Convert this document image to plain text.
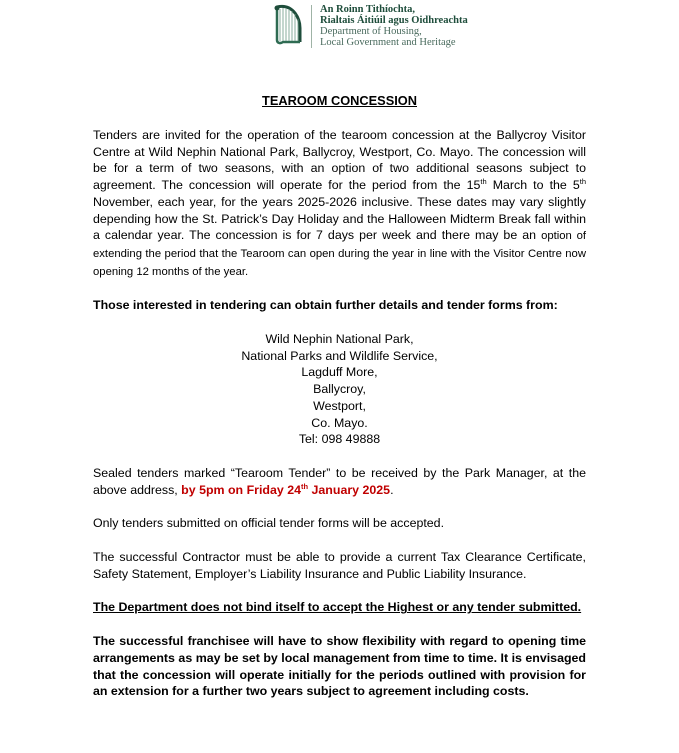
An Roinn Tithíochta,
Rialtais Áitiúil agus Oidhreachta
Department of Housing,
Local Government and Heritage
TEAROOM CONCESSION

Tenders are invited for the operation of the tearoom concession at the Ballycroy Visitor Centre at Wild Nephin National Park, Ballycroy, Westport, Co. Mayo. The concession will be for a term of two seasons, with an option of two additional seasons subject to agreement. The concession will operate for the period from the 15th March to the 5th November, each year, for the years 2025-2026 inclusive. These dates may vary slightly depending how the St. Patrick’s Day Holiday and the Halloween Midterm Break fall within a calendar year. The concession is for 7 days per week and there may be an option of extending the period that the Tearoom can open during the year in line with the Visitor Centre now opening 12 months of the year.

Those interested in tendering can obtain further details and tender forms from:

Wild Nephin National Park,
National Parks and Wildlife Service,
Lagduff More,
Ballycroy,
Westport,
Co. Mayo.
Tel: 098 49888

Sealed tenders marked “Tearoom Tender” to be received by the Park Manager, at the above address, by 5pm on Friday 24th January 2025.

Only tenders submitted on official tender forms will be accepted.

The successful Contractor must be able to provide a current Tax Clearance Certificate, Safety Statement, Employer’s Liability Insurance and Public Liability Insurance.

The Department does not bind itself to accept the Highest or any tender submitted.

The successful franchisee will have to show flexibility with regard to opening time arrangements as may be set by local management from time to time. It is envisaged that the concession will operate initially for the periods outlined with provision for an extension for a further two years subject to agreement including costs.
